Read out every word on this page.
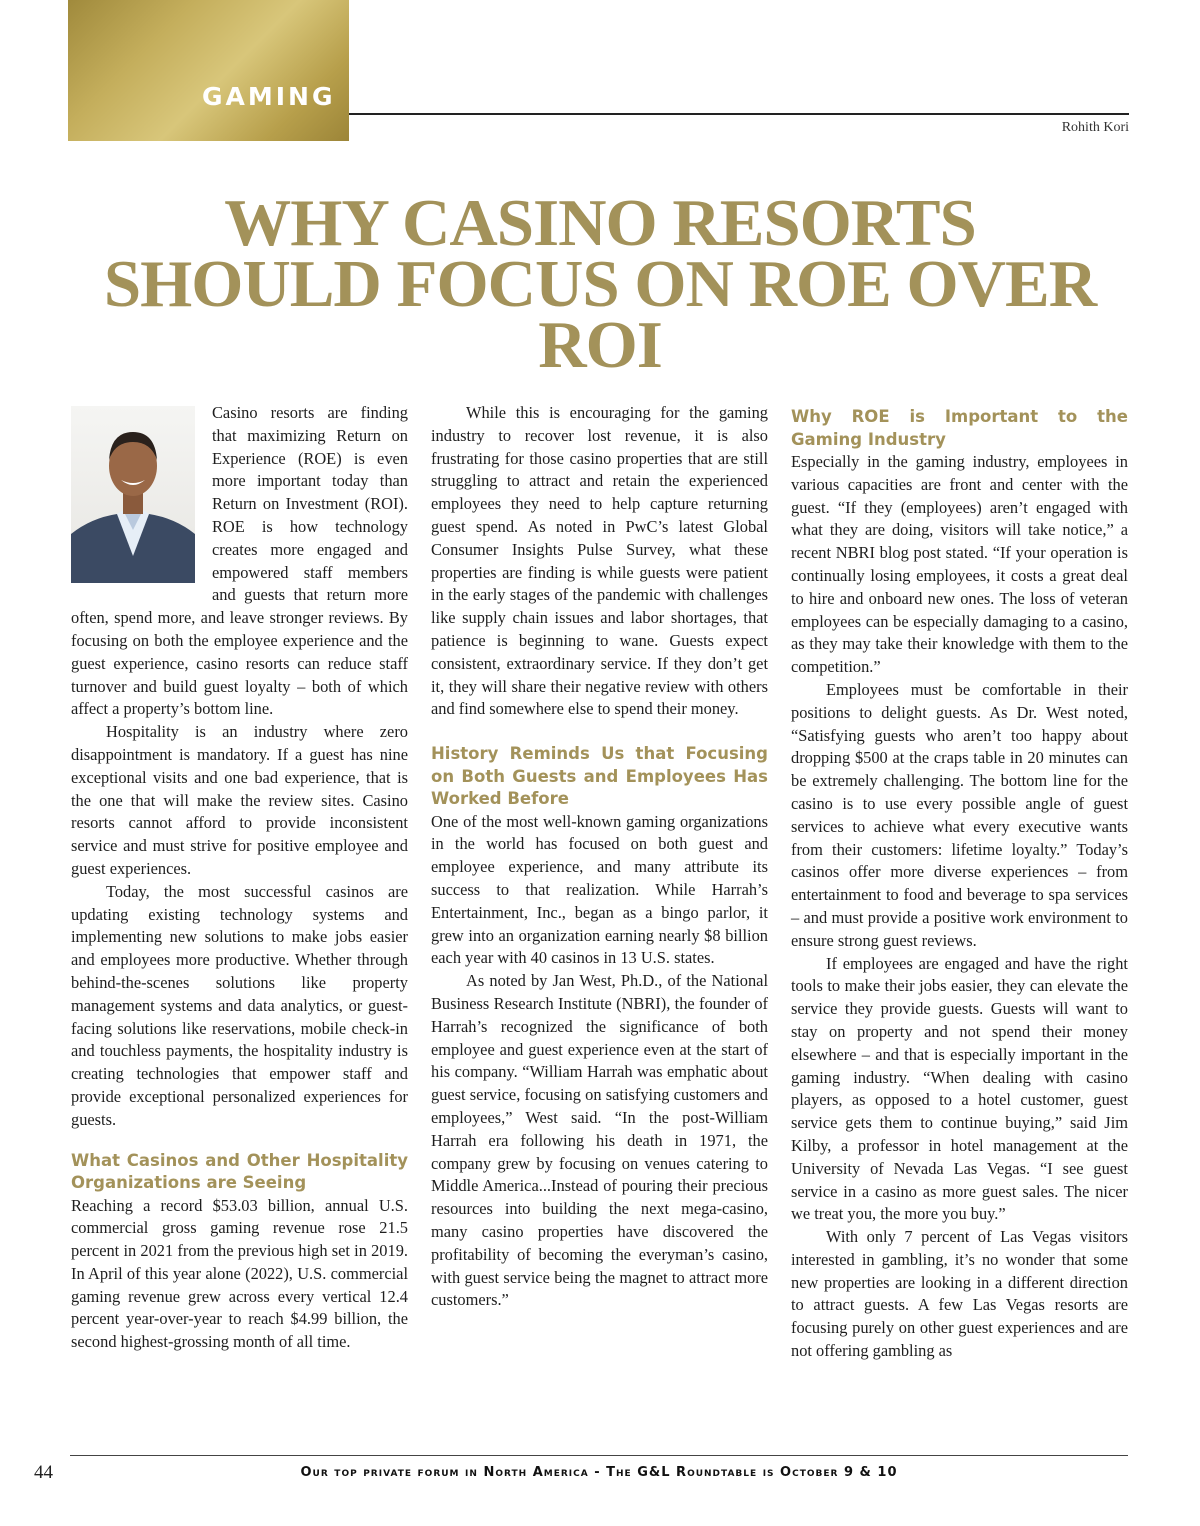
GAMING
Rohith Kori
WHY CASINO RESORTS SHOULD FOCUS ON ROE OVER ROI

Casino resorts are finding that maximizing Return on Experience (ROE) is even more important today than Return on Investment (ROI). ROE is how technology creates more engaged and empowered staff members and guests that return more often, spend more, and leave stronger reviews. By focusing on both the employee experience and the guest experience, casino resorts can reduce staff turnover and build guest loyalty – both of which affect a property’s bottom line.

Hospitality is an industry where zero disappointment is mandatory. If a guest has nine exceptional visits and one bad experience, that is the one that will make the review sites. Casino resorts cannot afford to provide inconsistent service and must strive for positive employee and guest experiences.

Today, the most successful casinos are updating existing technology systems and implementing new solutions to make jobs easier and employees more productive. Whether through behind-the-scenes solutions like property management systems and data analytics, or guest-facing solutions like reservations, mobile check-in and touchless payments, the hospitality industry is creating technologies that empower staff and provide exceptional personalized experiences for guests.

What Casinos and Other Hospitality Organizations are Seeing

Reaching a record $53.03 billion, annual U.S. commercial gross gaming revenue rose 21.5 percent in 2021 from the previous high set in 2019. In April of this year alone (2022), U.S. commercial gaming revenue grew across every vertical 12.4 percent year-over-year to reach $4.99 billion, the second highest-grossing month of all time.

While this is encouraging for the gaming industry to recover lost revenue, it is also frustrating for those casino properties that are still struggling to attract and retain the experienced employees they need to help capture returning guest spend. As noted in PwC’s latest Global Consumer Insights Pulse Survey, what these properties are finding is while guests were patient in the early stages of the pandemic with challenges like supply chain issues and labor shortages, that patience is beginning to wane. Guests expect consistent, extraordinary service. If they don’t get it, they will share their negative review with others and find somewhere else to spend their money.

History Reminds Us that Focusing on Both Guests and Employees Has Worked Before

One of the most well-known gaming organizations in the world has focused on both guest and employee experience, and many attribute its success to that realization. While Harrah’s Entertainment, Inc., began as a bingo parlor, it grew into an organization earning nearly $8 billion each year with 40 casinos in 13 U.S. states.

As noted by Jan West, Ph.D., of the National Business Research Institute (NBRI), the founder of Harrah’s recognized the significance of both employee and guest experience even at the start of his company. “William Harrah was emphatic about guest service, focusing on satisfying customers and employees,” West said. “In the post-William Harrah era following his death in 1971, the company grew by focusing on venues catering to Middle America...Instead of pouring their precious resources into building the next mega-casino, many casino properties have discovered the profitability of becoming the everyman’s casino, with guest service being the magnet to attract more customers.”

Why ROE is Important to the Gaming Industry

Especially in the gaming industry, employees in various capacities are front and center with the guest. “If they (employees) aren’t engaged with what they are doing, visitors will take notice,” a recent NBRI blog post stated. “If your operation is continually losing employees, it costs a great deal to hire and onboard new ones. The loss of veteran employees can be especially damaging to a casino, as they may take their knowledge with them to the competition.”

Employees must be comfortable in their positions to delight guests. As Dr. West noted, “Satisfying guests who aren’t too happy about dropping $500 at the craps table in 20 minutes can be extremely challenging. The bottom line for the casino is to use every possible angle of guest services to achieve what every executive wants from their customers: lifetime loyalty.” Today’s casinos offer more diverse experiences – from entertainment to food and beverage to spa services – and must provide a positive work environment to ensure strong guest reviews.

If employees are engaged and have the right tools to make their jobs easier, they can elevate the service they provide guests. Guests will want to stay on property and not spend their money elsewhere – and that is especially important in the gaming industry. “When dealing with casino players, as opposed to a hotel customer, guest service gets them to continue buying,” said Jim Kilby, a professor in hotel management at the University of Nevada Las Vegas. “I see guest service in a casino as more guest sales. The nicer we treat you, the more you buy.”

With only 7 percent of Las Vegas visitors interested in gambling, it’s no wonder that some new properties are looking in a different direction to attract guests. A few Las Vegas resorts are focusing purely on other guest experiences and are not offering gambling as

44	Our top private forum in North America - The G&L Roundtable is October 9 & 10
